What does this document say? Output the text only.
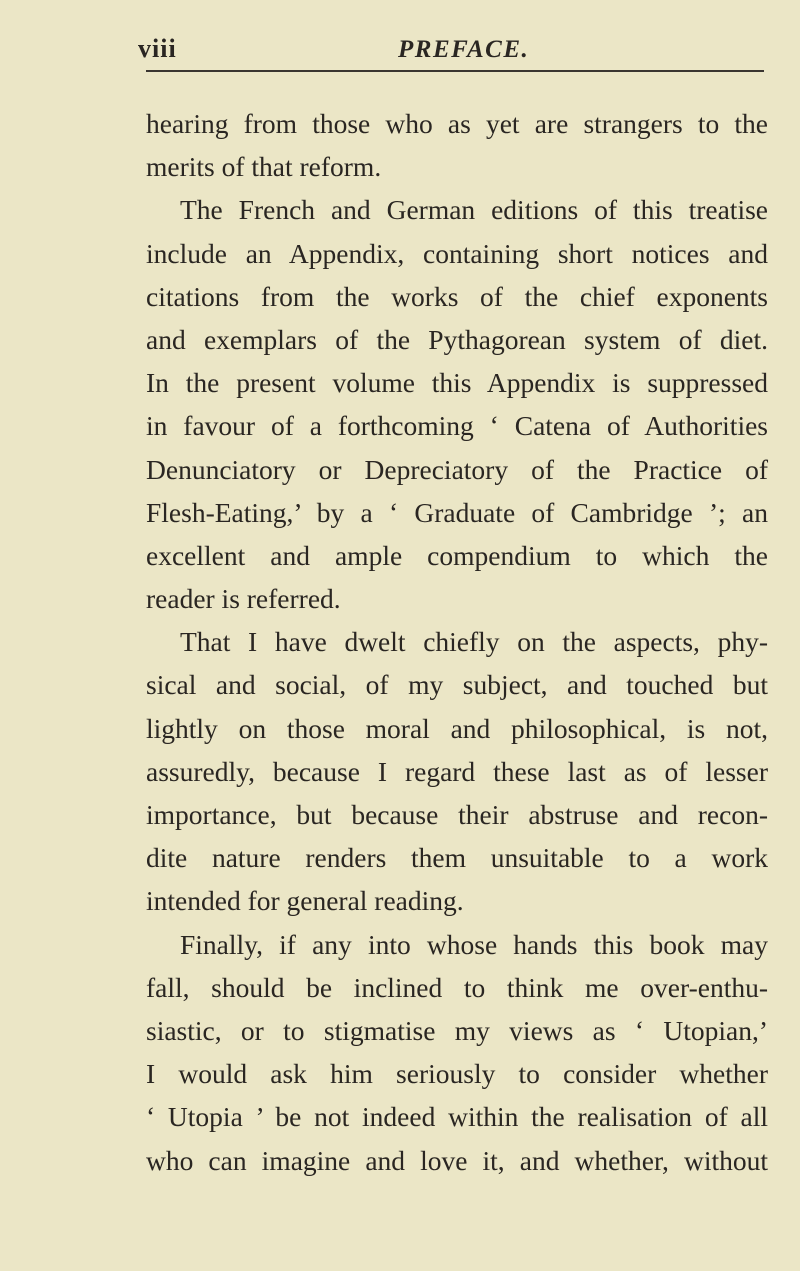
viii	PREFACE.
hearing from those who as yet are strangers to the
merits of that reform.
The French and German editions of this treatise
include an Appendix, containing short notices and
citations from the works of the chief exponents
and exemplars of the Pythagorean system of diet.
In the present volume this Appendix is suppressed
in favour of a forthcoming ‘ Catena of Authorities
Denunciatory or Depreciatory of the Practice of
Flesh-Eating,’ by a ‘ Graduate of Cambridge ’; an
excellent and ample compendium to which the
reader is referred.
That I have dwelt chiefly on the aspects, phy-
sical and social, of my subject, and touched but
lightly on those moral and philosophical, is not,
assuredly, because I regard these last as of lesser
importance, but because their abstruse and recon-
dite nature renders them unsuitable to a work
intended for general reading.
Finally, if any into whose hands this book may
fall, should be inclined to think me over-enthu-
siastic, or to stigmatise my views as ‘ Utopian,’
I would ask him seriously to consider whether
‘ Utopia ’ be not indeed within the realisation of all
who can imagine and love it, and whether, without
